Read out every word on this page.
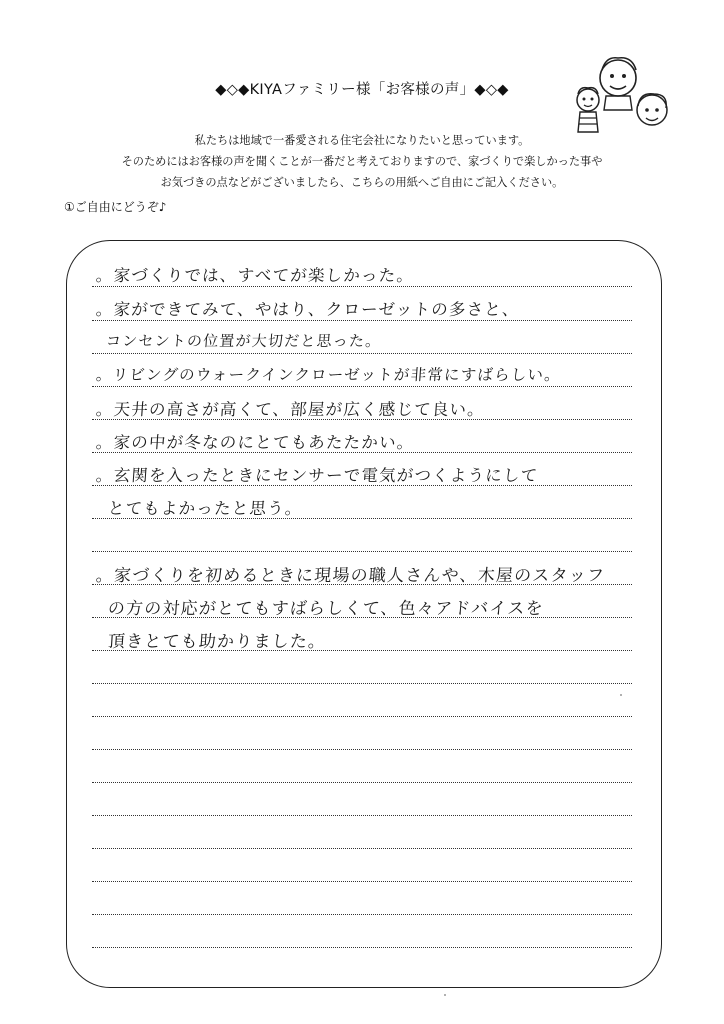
◆◇◆KIYAファミリー様「お客様の声」◆◇◆
私たちは地域で一番愛される住宅会社になりたいと思っています。
そのためにはお客様の声を聞くことが一番だと考えておりますので、家づくりで楽しかった事や
お気づきの点などがございましたら、こちらの用紙へご自由にご記入ください。
①ご自由にどうぞ♪
。家づくりでは、すべてが楽しかった。
。家ができてみて、やはり、クローゼットの多さと、
コンセントの位置が大切だと思った。
。リビングのウォークインクローゼットが非常にすばらしい。
。天井の高さが高くて、部屋が広く感じて良い。
。家の中が冬なのにとてもあたたかい。
。玄関を入ったときにセンサーで電気がつくようにして
とてもよかったと思う。
。家づくりを初めるときに現場の職人さんや、木屋のスタッフ
の方の対応がとてもすばらしくて、色々アドバイスを
頂きとても助かりました。
